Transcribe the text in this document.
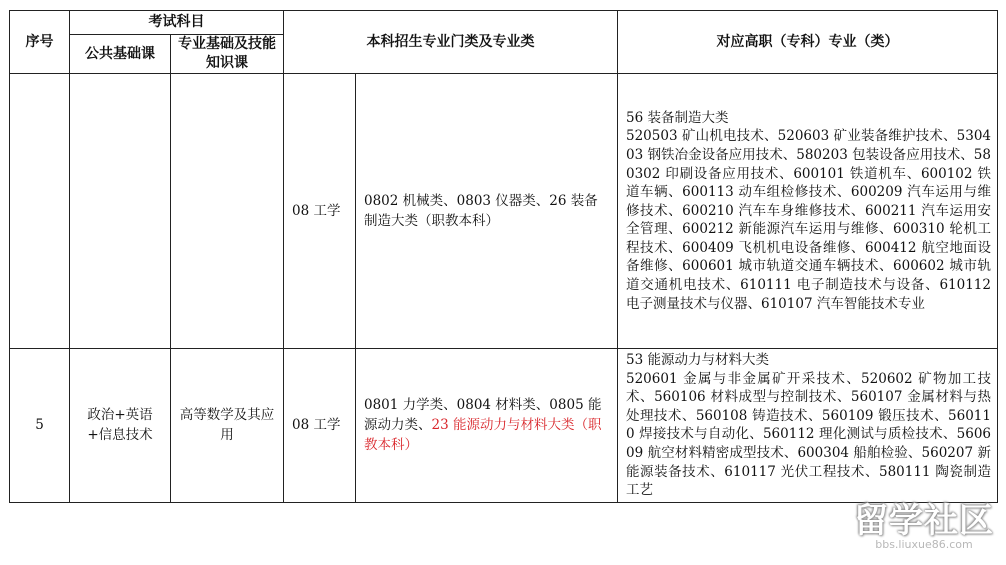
序号	考试科目		本科招生专业门类及专业类		对应高职（专科）专业（类）
	公共基础课	专业基础及技能知识课			
			08 工学	0802 机械类、0803 仪器类、26 装备制造大类（职教本科）	56 装备制造大类
520503 矿山机电技术、520603 矿业装备维护技术、530403 钢铁冶金设备应用技术、580203 包装设备应用技术、580302 印刷设备应用技术、600101 铁道机车、600102 铁道车辆、600113 动车组检修技术、600209 汽车运用与维修技术、600210 汽车车身维修技术、600211 汽车运用安全管理、600212 新能源汽车运用与维修、600310 轮机工程技术、600409 飞机机电设备维修、600412 航空地面设备维修、600601 城市轨道交通车辆技术、600602 城市轨道交通机电技术、610111 电子制造技术与设备、610112 电子测量技术与仪器、610107 汽车智能技术专业

5	政治+英语+信息技术	高等数学及其应用	08 工学	0801 力学类、0804 材料类、0805 能源动力类、23 能源动力与材料大类（职教本科）	53 能源动力与材料大类
520601 金属与非金属矿开采技术、520602 矿物加工技术、560106 材料成型与控制技术、560107 金属材料与热处理技术、560108 铸造技术、560109 锻压技术、560110 焊接技术与自动化、560112 理化测试与质检技术、560609 航空材料精密成型技术、600304 船舶检验、560207 新能源装备技术、610117 光伏工程技术、580111 陶瓷制造工艺
留学社区
bbs.liuxue86.com
